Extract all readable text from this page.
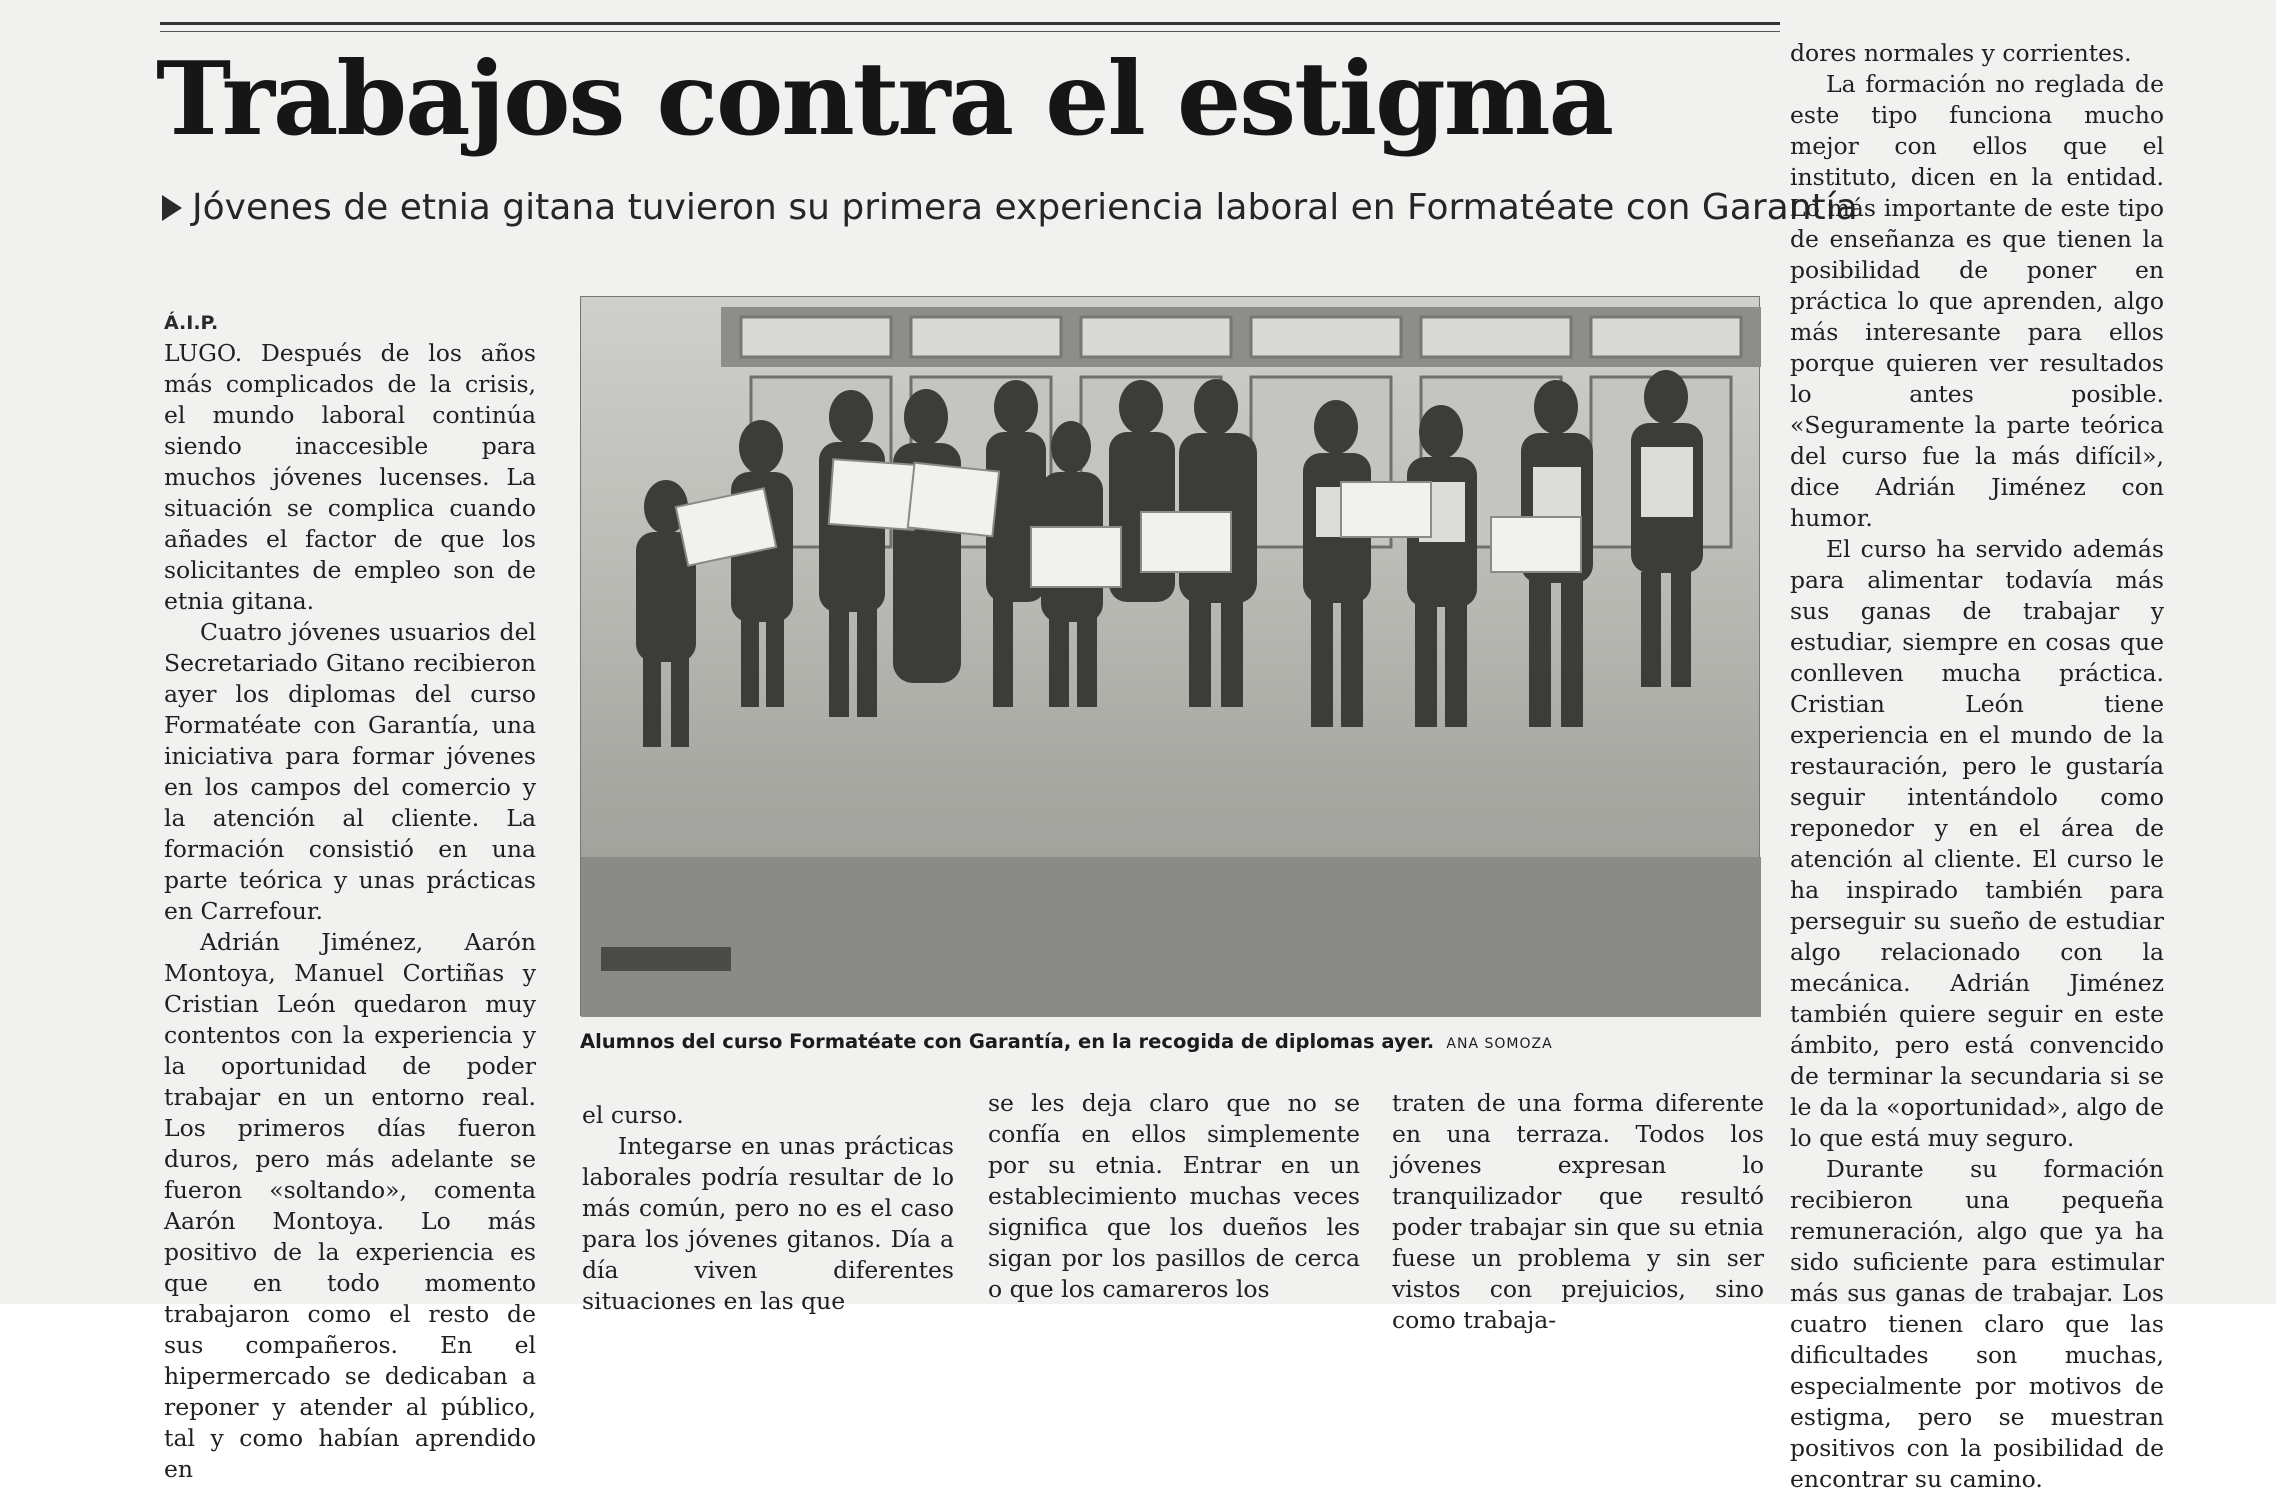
Trabajos contra el estigma
Jóvenes de etnia gitana tuvieron su primera experiencia laboral en Formatéate con Garantía
Á.I.P.

LUGO. Después de los años más complicados de la crisis, el mundo laboral continúa siendo inaccesible para muchos jóvenes lucenses. La situación se complica cuando añades el factor de que los solicitantes de empleo son de etnia gitana.

Cuatro jóvenes usuarios del Secretariado Gitano recibieron ayer los diplomas del curso Formatéate con Garantía, una iniciativa para formar jóvenes en los campos del comercio y la atención al cliente. La formación consistió en una parte teórica y unas prácticas en Carrefour.

Adrián Jiménez, Aarón Montoya, Manuel Cortiñas y Cristian León quedaron muy contentos con la experiencia y la oportunidad de poder trabajar en un entorno real. Los primeros días fueron duros, pero más adelante se fueron «soltando», comenta Aarón Montoya. Lo más positivo de la experiencia es que en todo momento trabajaron como el resto de sus compañeros. En el hipermercado se dedicaban a reponer y atender al público, tal y como habían aprendido en

Alumnos del curso Formatéate con Garantía, en la recogida de diplomas ayer. ANA SOMOZA

el curso.

Integarse en unas prácticas laborales podría resultar de lo más común, pero no es el caso para los jóvenes gitanos. Día a día viven diferentes situaciones en las que

se les deja claro que no se confía en ellos simplemente por su etnia. Entrar en un establecimiento muchas veces significa que los dueños les sigan por los pasillos de cerca o que los camareros los

traten de una forma diferente en una terraza. Todos los jóvenes expresan lo tranquilizador que resultó poder trabajar sin que su etnia fuese un problema y sin ser vistos con prejuicios, sino como trabaja-

dores normales y corrientes.

La formación no reglada de este tipo funciona mucho mejor con ellos que el instituto, dicen en la entidad. Lo más importante de este tipo de enseñanza es que tienen la posibilidad de poner en práctica lo que aprenden, algo más interesante para ellos porque quieren ver resultados lo antes posible. «Seguramente la parte teórica del curso fue la más difícil», dice Adrián Jiménez con humor.

El curso ha servido además para alimentar todavía más sus ganas de trabajar y estudiar, siempre en cosas que conlleven mucha práctica. Cristian León tiene experiencia en el mundo de la restauración, pero le gustaría seguir intentándolo como reponedor y en el área de atención al cliente. El curso le ha inspirado también para perseguir su sueño de estudiar algo relacionado con la mecánica. Adrián Jiménez también quiere seguir en este ámbito, pero está convencido de terminar la secundaria si se le da la «oportunidad», algo de lo que está muy seguro.

Durante su formación recibieron una pequeña remuneración, algo que ya ha sido suficiente para estimular más sus ganas de trabajar. Los cuatro tienen claro que las dificultades son muchas, especialmente por motivos de estigma, pero se muestran positivos con la posibilidad de encontrar su camino.
